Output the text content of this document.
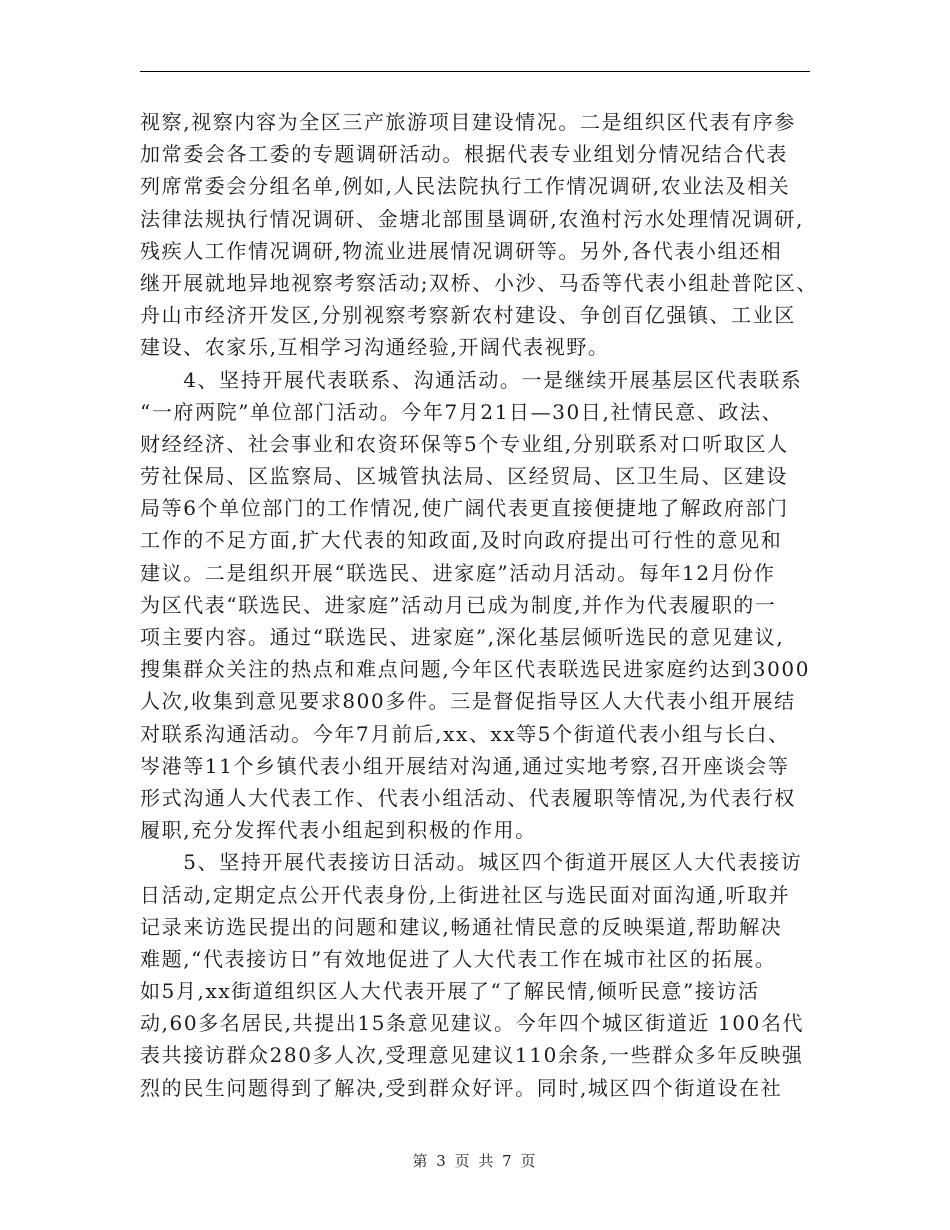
视察,视察内容为全区三产旅游项目建设情况。二是组织区代表有序参
加常委会各工委的专题调研活动。根据代表专业组划分情况结合代表
列席常委会分组名单,例如,人民法院执行工作情况调研,农业法及相关
法律法规执行情况调研、金塘北部围垦调研,农渔村污水处理情况调研,
残疾人工作情况调研,物流业进展情况调研等。另外,各代表小组还相
继开展就地异地视察考察活动;双桥、小沙、马岙等代表小组赴普陀区、
舟山市经济开发区,分别视察考察新农村建设、争创百亿强镇、工业区
建设、农家乐,互相学习沟通经验,开阔代表视野。
　　4、坚持开展代表联系、沟通活动。一是继续开展基层区代表联系
“一府两院”单位部门活动。今年7月21日—30日,社情民意、政法、
财经经济、社会事业和农资环保等5个专业组,分别联系对口听取区人
劳社保局、区监察局、区城管执法局、区经贸局、区卫生局、区建设
局等6个单位部门的工作情况,使广阔代表更直接便捷地了解政府部门
工作的不足方面,扩大代表的知政面,及时向政府提出可行性的意见和
建议。二是组织开展“联选民、进家庭”活动月活动。每年12月份作
为区代表“联选民、进家庭”活动月已成为制度,并作为代表履职的一
项主要内容。通过“联选民、进家庭”,深化基层倾听选民的意见建议,
搜集群众关注的热点和难点问题,今年区代表联选民进家庭约达到3000
人次,收集到意见要求800多件。三是督促指导区人大代表小组开展结
对联系沟通活动。今年7月前后,xx、xx等5个街道代表小组与长白、
岑港等11个乡镇代表小组开展结对沟通,通过实地考察,召开座谈会等
形式沟通人大代表工作、代表小组活动、代表履职等情况,为代表行权
履职,充分发挥代表小组起到积极的作用。
　　5、坚持开展代表接访日活动。城区四个街道开展区人大代表接访
日活动,定期定点公开代表身份,上街进社区与选民面对面沟通,听取并
记录来访选民提出的问题和建议,畅通社情民意的反映渠道,帮助解决
难题,“代表接访日”有效地促进了人大代表工作在城市社区的拓展。
如5月,xx街道组织区人大代表开展了“了解民情,倾听民意”接访活
动,60多名居民,共提出15条意见建议。今年四个城区街道近 100名代
表共接访群众280多人次,受理意见建议110余条,一些群众多年反映强
烈的民生问题得到了解决,受到群众好评。同时,城区四个街道设在社
第 3 页 共 7 页
